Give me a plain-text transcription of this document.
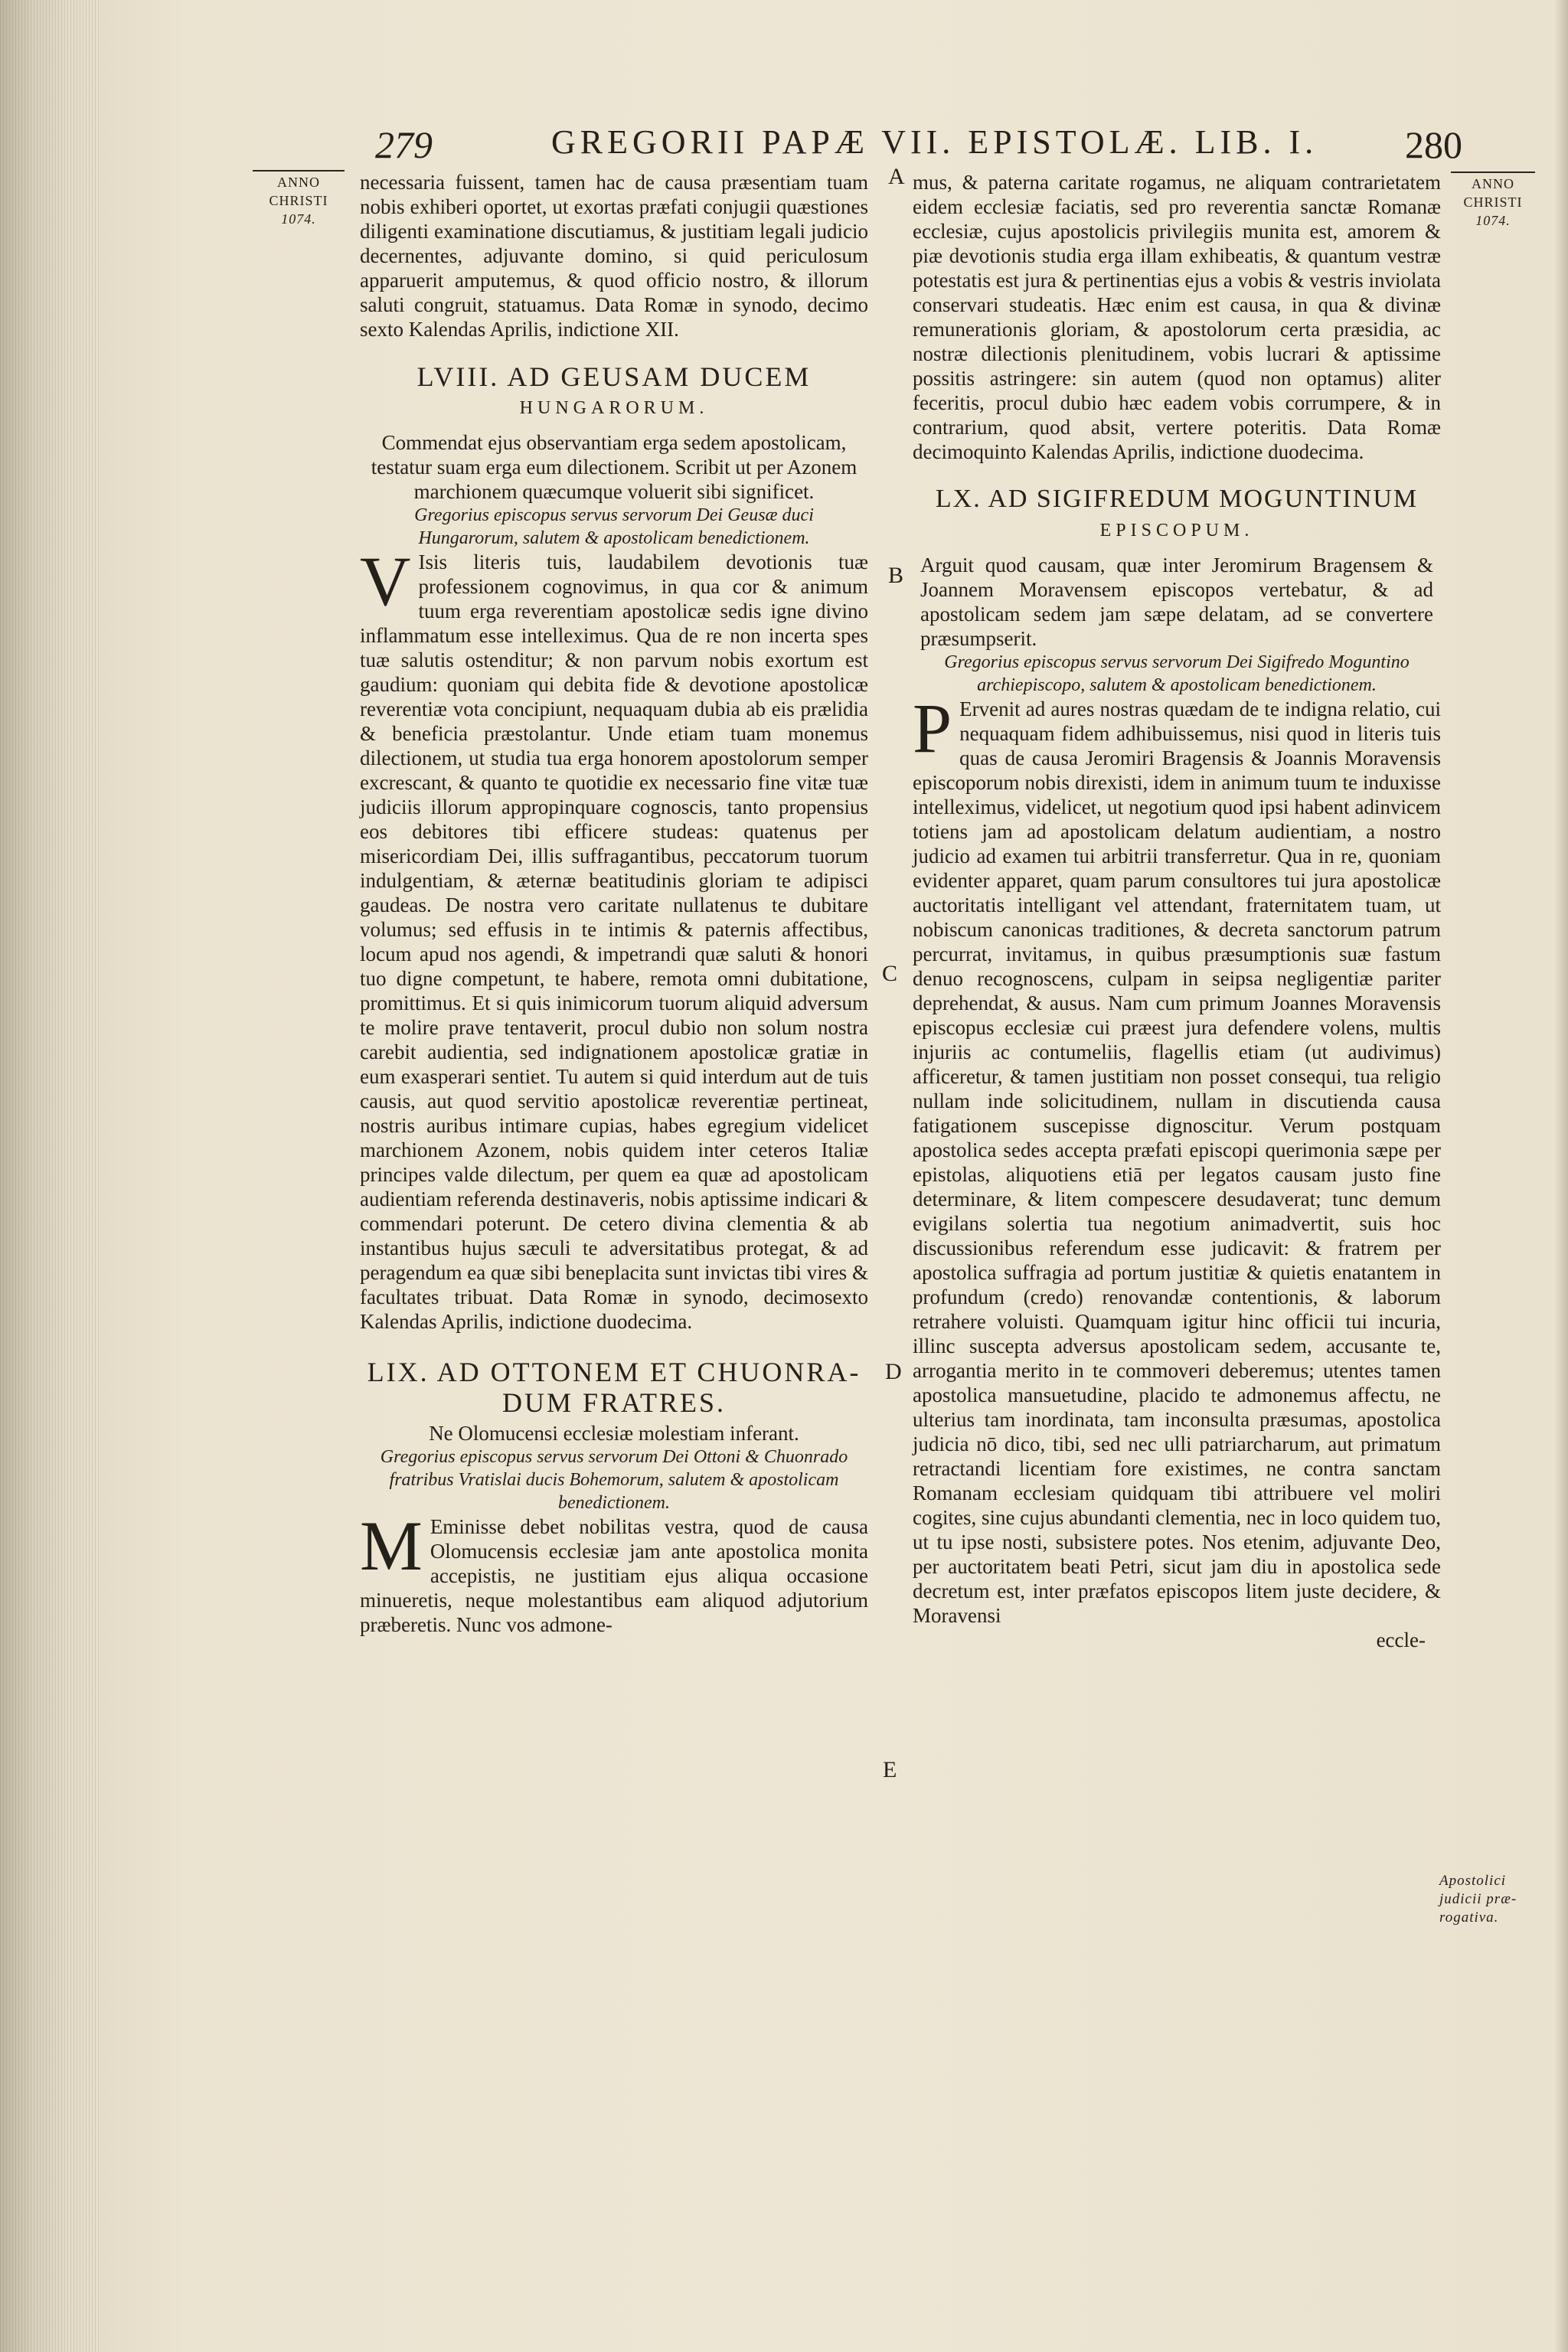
279	GREGORII PAPÆ VII. EPISTOLÆ. LIB. I. 280
ANNO
CHRISTI
1074.
ANNO
CHRISTI
1074.
Apostolici
judicii præ-
rogativa.
A
B
C
D
E

necessaria fuissent, tamen hac de causa præsentiam tuam nobis exhiberi oportet, ut exortas præfati conjugii quæstiones diligenti examinatione discutiamus, & justitiam legali judicio decernentes, adjuvante domino, si quid periculosum apparuerit amputemus, & quod officio nostro, & illorum saluti congruit, statuamus. Data Romæ in synodo, decimo sexto Kalendas Aprilis, indictione XII.

LVIII. AD GEUSAM DUCEM
HUNGARORUM.

Commendat ejus observantiam erga sedem apostolicam, testatur suam erga eum dilectionem. Scribit ut per Azonem marchionem quæcumque voluerit sibi significet.

Gregorius episcopus servus servorum Dei Geusæ duci Hungarorum, salutem & apostolicam benedictionem.

V Isis literis tuis, laudabilem devotionis tuæ professionem cognovimus, in qua cor & animum tuum erga reverentiam apostolicæ sedis igne divino inflammatum esse intelleximus. Qua de re non incerta spes tuæ salutis ostenditur; & non parvum nobis exortum est gaudium: quoniam qui debita fide & devotione apostolicæ reverentiæ vota concipiunt, nequaquam dubia ab eis prælidia & beneficia præstolantur. Unde etiam tuam monemus dilectionem, ut studia tua erga honorem apostolorum semper excrescant, & quanto te quotidie ex necessario fine vitæ tuæ judiciis illorum appropinquare cognoscis, tanto propensius eos debitores tibi efficere studeas: quatenus per misericordiam Dei, illis suffragantibus, peccatorum tuorum indulgentiam, & æternæ beatitudinis gloriam te adipisci gaudeas. De nostra vero caritate nullatenus te dubitare volumus; sed effusis in te intimis & paternis affectibus, locum apud nos agendi, & impetrandi quæ saluti & honori tuo digne competunt, te habere, remota omni dubitatione, promittimus. Et si quis inimicorum tuorum aliquid adversum te molire prave tentaverit, procul dubio non solum nostra carebit audientia, sed indignationem apostolicæ gratiæ in eum exasperari sentiet. Tu autem si quid interdum aut de tuis causis, aut quod servitio apostolicæ reverentiæ pertineat, nostris auribus intimare cupias, habes egregium videlicet marchionem Azonem, nobis quidem inter ceteros Italiæ principes valde dilectum, per quem ea quæ ad apostolicam audientiam referenda destinaveris, nobis aptissime indicari & commendari poterunt. De cetero divina clementia & ab instantibus hujus sæculi te adversitatibus protegat, & ad peragendum ea quæ sibi beneplacita sunt invictas tibi vires & facultates tribuat. Data Romæ in synodo, decimosexto Kalendas Aprilis, indictione duodecima.

LIX. AD OTTONEM ET CHUONRA-
DUM FRATRES.

Ne Olomucensi ecclesiæ molestiam inferant.

Gregorius episcopus servus servorum Dei Ottoni & Chuonrado fratribus Vratislai ducis Bohemorum, salutem & apostolicam benedictionem.

M Eminisse debet nobilitas vestra, quod de causa Olomucensis ecclesiæ jam ante apostolica monita accepistis, ne justitiam ejus aliqua occasione minueretis, neque molestantibus eam aliquod adjutorium præberetis. Nunc vos admone-

mus, & paterna caritate rogamus, ne aliquam contrarietatem eidem ecclesiæ faciatis, sed pro reverentia sanctæ Romanæ ecclesiæ, cujus apostolicis privilegiis munita est, amorem & piæ devotionis studia erga illam exhibeatis, & quantum vestræ potestatis est jura & pertinentias ejus a vobis & vestris inviolata conservari studeatis. Hæc enim est causa, in qua & divinæ remunerationis gloriam, & apostolorum certa præsidia, ac nostræ dilectionis plenitudinem, vobis lucrari & aptissime possitis astringere: sin autem (quod non optamus) aliter feceritis, procul dubio hæc eadem vobis corrumpere, & in contrarium, quod absit, vertere poteritis. Data Romæ decimoquinto Kalendas Aprilis, indictione duodecima.

LX. AD SIGIFREDUM MOGUNTINUM
EPISCOPUM.

Arguit quod causam, quæ inter Jeromirum Bragensem & Joannem Moravensem episcopos vertebatur, & ad apostolicam sedem jam sæpe delatam, ad se convertere præsumpserit.

Gregorius episcopus servus servorum Dei Sigifredo Moguntino archiepiscopo, salutem & apostolicam benedictionem.

P Ervenit ad aures nostras quædam de te indigna relatio, cui nequaquam fidem adhibuissemus, nisi quod in literis tuis quas de causa Jeromiri Bragensis & Joannis Moravensis episcoporum nobis direxisti, idem in animum tuum te induxisse intelleximus, videlicet, ut negotium quod ipsi habent adinvicem totiens jam ad apostolicam delatum audientiam, a nostro judicio ad examen tui arbitrii transferretur. Qua in re, quoniam evidenter apparet, quam parum consultores tui jura apostolicæ auctoritatis intelligant vel attendant, fraternitatem tuam, ut nobiscum canonicas traditiones, & decreta sanctorum patrum percurrat, invitamus, in quibus præsumptionis suæ fastum denuo recognoscens, culpam in seipsa negligentiæ pariter deprehendat, & ausus. Nam cum primum Joannes Moravensis episcopus ecclesiæ cui præest jura defendere volens, multis injuriis ac contumeliis, flagellis etiam (ut audivimus) afficeretur, & tamen justitiam non posset consequi, tua religio nullam inde solicitudinem, nullam in discutienda causa fatigationem suscepisse dignoscitur. Verum postquam apostolica sedes accepta præfati episcopi querimonia sæpe per epistolas, aliquotiens etiā per legatos causam justo fine determinare, & litem compescere desudaverat; tunc demum evigilans solertia tua negotium animadvertit, suis hoc discussionibus referendum esse judicavit: & fratrem per apostolica suffragia ad portum justitiæ & quietis enatantem in profundum (credo) renovandæ contentionis, & laborum retrahere voluisti. Quamquam igitur hinc officii tui incuria, illinc suscepta adversus apostolicam sedem, accusante te, arrogantia merito in te commoveri deberemus; utentes tamen apostolica mansuetudine, placido te admonemus affectu, ne ulterius tam inordinata, tam inconsulta præsumas, apostolica judicia nō dico, tibi, sed nec ulli patriarcharum, aut primatum retractandi licentiam fore existimes, ne contra sanctam Romanam ecclesiam quidquam tibi attribuere vel moliri cogites, sine cujus abundanti clementia, nec in loco quidem tuo, ut tu ipse nosti, subsistere potes. Nos etenim, adjuvante Deo, per auctoritatem beati Petri, sicut jam diu in apostolica sede decretum est, inter præfatos episcopos litem juste decidere, & Moravensi

eccle-
